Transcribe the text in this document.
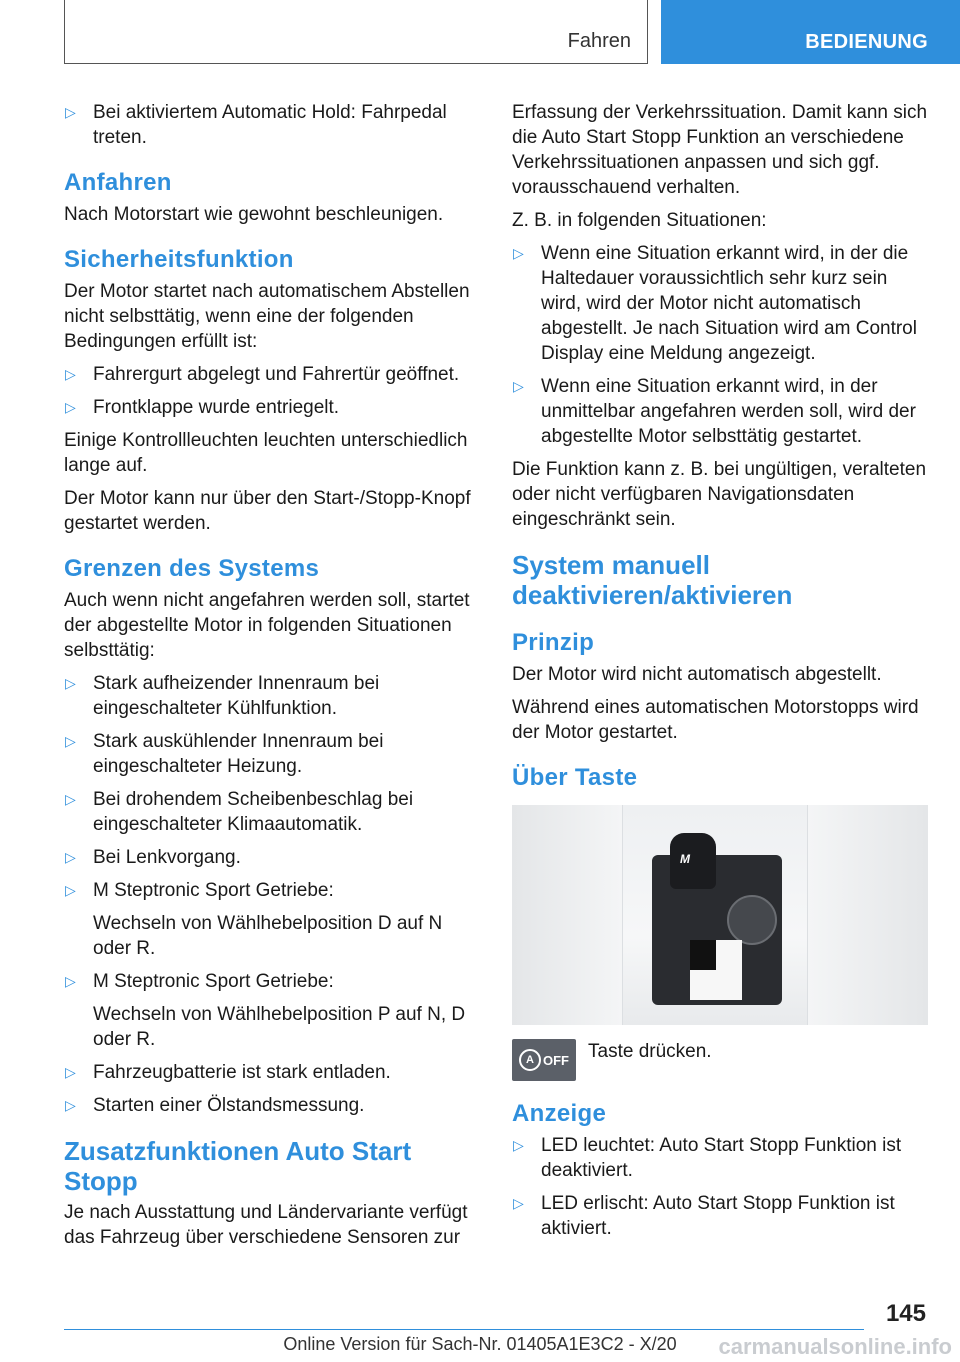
Fahren	BEDIENUNG
▷ Bei aktiviertem Automatic Hold: Fahrpedal treten.
Anfahren

Nach Motorstart wie gewohnt beschleunigen.

Sicherheitsfunktion

Der Motor startet nach automatischem Abstellen nicht selbsttätig, wenn eine der folgenden Bedingungen erfüllt ist:

▷ Fahrergurt abgelegt und Fahrertür geöffnet.
▷ Frontklappe wurde entriegelt.

Einige Kontrollleuchten leuchten unterschiedlich lange auf.

Der Motor kann nur über den Start-/Stopp-Knopf gestartet werden.

Grenzen des Systems

Auch wenn nicht angefahren werden soll, startet der abgestellte Motor in folgenden Situationen selbsttätig:

▷ Stark aufheizender Innenraum bei eingeschalteter Kühlfunktion.
▷ Stark auskühlender Innenraum bei eingeschalteter Heizung.
▷ Bei drohendem Scheibenbeschlag bei eingeschalteter Klimaautomatik.
▷ Bei Lenkvorgang.
▷ M Steptronic Sport Getriebe:
Wechseln von Wählhebelposition D auf N oder R.
▷ M Steptronic Sport Getriebe:
Wechseln von Wählhebelposition P auf N, D oder R.
▷ Fahrzeugbatterie ist stark entladen.
▷ Starten einer Ölstandsmessung.
Zusatzfunktionen Auto Start Stopp

Je nach Ausstattung und Ländervariante verfügt das Fahrzeug über verschiedene Sensoren zur

Erfassung der Verkehrssituation. Damit kann sich die Auto Start Stopp Funktion an verschiedene Verkehrssituationen anpassen und sich ggf. vorausschauend verhalten.

Z. B. in folgenden Situationen:

▷ Wenn eine Situation erkannt wird, in der die Haltedauer voraussichtlich sehr kurz sein wird, wird der Motor nicht automatisch abgestellt. Je nach Situation wird am Control Display eine Meldung angezeigt.
▷ Wenn eine Situation erkannt wird, in der unmittelbar angefahren werden soll, wird der abgestellte Motor selbsttätig gestartet.

Die Funktion kann z. B. bei ungültigen, veralteten oder nicht verfügbaren Navigationsdaten eingeschränkt sein.

System manuell deaktivieren/aktivieren
Prinzip

Der Motor wird nicht automatisch abgestellt.

Während eines automatischen Motorstopps wird der Motor gestartet.

Über Taste
M
A OFF Taste drücken.
Anzeige
▷ LED leuchtet: Auto Start Stopp Funktion ist deaktiviert.
▷ LED erlischt: Auto Start Stopp Funktion ist aktiviert.
145
Online Version für Sach-Nr. 01405A1E3C2 - X/20	carmanualsonline.info
